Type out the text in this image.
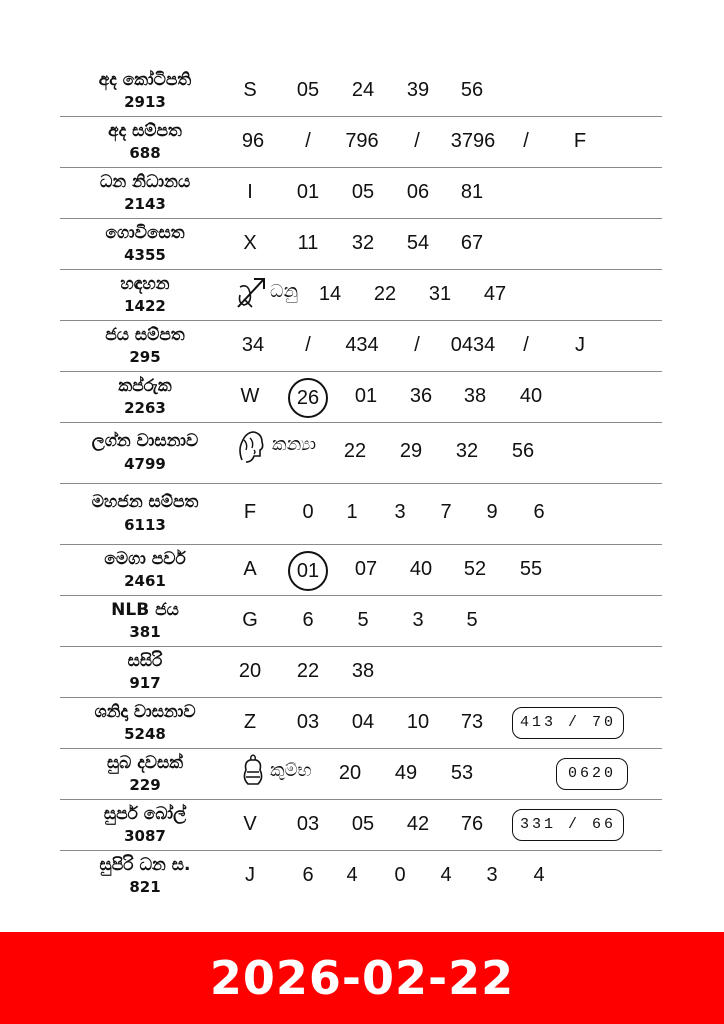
අද කෝටිපති
2913
S 05 24 39 56
අද සම්පත
688
96 / 796 / 3796 / F
ධන නිධානය
2143
I 01 05 06 81
ගොවිසෙත
4355
X 11 32 54 67
හඳහන
1422
ධනු 14 22 31 47
ජය සම්පත
295
34 / 434 / 0434 / J
කප්රුක
2263
W	26	01 36 38 40
ලග්න වාසනාව
4799
කන්‍යා 22 29 32 56
මහජන සම්පත
6113
F 0 1 3 7 9 6
මෙගා පවර්
2461
A	01	07 40 52 55
NLB ජය
381
G 6 5 3 5
සසිරි
917
20 22 38
ශනිදා වාසනාව
5248
Z 03 04 10 73	413 / 70
සුබ දවසක්
229
කුම්භ 20 49 53	0620
සුපර් බෝල්
3087
V 03 05 42 76	331 / 66
සුපිරි ධන ස.
821
J 6 4 0 4 3 4
2026-02-22
